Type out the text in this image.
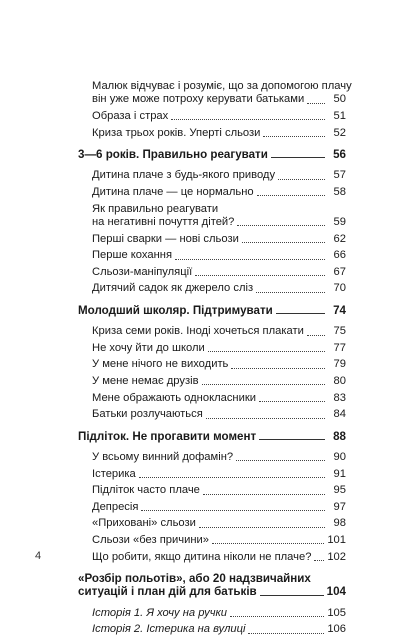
Малюк відчуває і розуміє, що за допомогою плачу
він уже може потроху керувати батьками	50
Образа і страх	51
Криза трьох років. Уперті сльози	52
3—6 років. Правильно реагувати	56
Дитина плаче з будь-якого приводу	57
Дитина плаче — це нормально	58
Як правильно реагувати
на негативні почуття дітей?	59
Перші сварки — нові сльози	62
Перше кохання	66
Сльози-маніпуляції	67
Дитячий садок як джерело сліз	70
Молодший школяр. Підтримувати	74
Криза семи років. Іноді хочеться плакати	75
Не хочу йти до школи	77
У мене нічого не виходить	79
У мене немає друзів	80
Мене ображають однокласники	83
Батьки розлучаються	84
Підліток. Не прогавити момент	88
У всьому винний дофамін?	90
Істерика	91
Підліток часто плаче	95
Депресія	97
«Приховані» сльози	98
Сльози «без причини»	101
Що робити, якщо дитина ніколи не плаче? 102
«Розбір польотів», або 20 надзвичайних
ситуацій і план дій для батьків	104
Історія 1. Я хочу на ручки	105
Історія 2. Істерика на вулиці	106
4
